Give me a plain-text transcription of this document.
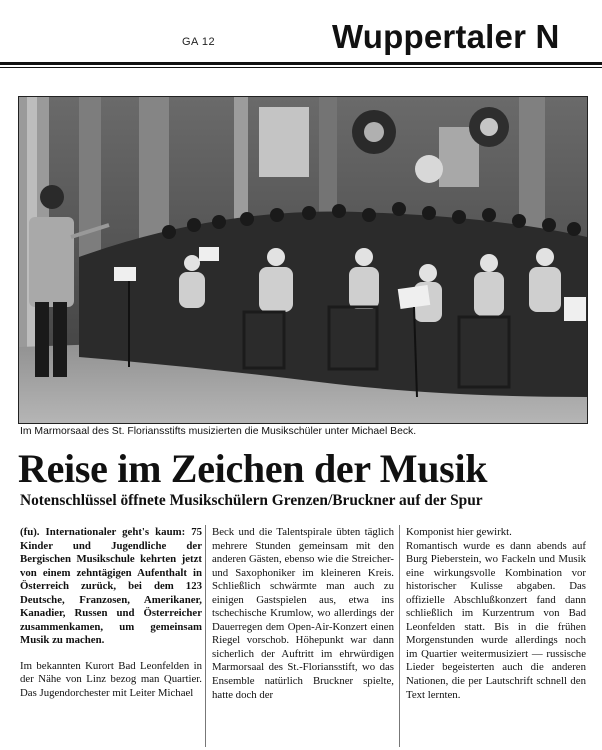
GA 12	Wuppertaler N
Im Marmorsaal des St. Floriansstifts musizierten die Musikschüler unter Michael Beck.
Reise im Zeichen der Musik
Notenschlüssel öffnete Musikschülern Grenzen/Bruckner auf der Spur

(fu). Internationaler geht's kaum: 75 Kinder und Jugendliche der Bergischen Musikschule kehrten jetzt von einem zehntägigen Aufenthalt in Österreich zurück, bei dem 123 Deutsche, Franzosen, Amerikaner, Kanadier, Russen und Österreicher zusammenkamen, um gemeinsam Musik zu machen.

Im bekannten Kurort Bad Leonfelden in der Nähe von Linz bezog man Quartier. Das Jugendorchester mit Leiter Michael

Beck und die Talentspirale übten täglich mehrere Stunden gemeinsam mit den anderen Gästen, ebenso wie die Streicher- und Saxophoniker im kleineren Kreis. Schließlich schwärmte man auch zu einigen Gastspielen aus, etwa ins tschechische Krumlow, wo allerdings der Dauerregen dem Open-Air-Konzert einen Riegel vorschob. Höhepunkt war dann sicherlich der Auftritt im ehrwürdigen Marmorsaal des St.-Floriansstift, wo das Ensemble natürlich Bruckner spielte, hatte doch der

Komponist hier gewirkt.

Romantisch wurde es dann abends auf Burg Pieberstein, wo Fackeln und Musik eine wirkungsvolle Kombination vor historischer Kulisse abgaben. Das offizielle Abschlußkonzert fand dann schließlich im Kurzentrum von Bad Leonfelden statt. Bis in die frühen Morgenstunden wurde allerdings noch im Quartier weitermusiziert — russische Lieder begeisterten auch die anderen Nationen, die per Lautschrift schnell den Text lernten.
